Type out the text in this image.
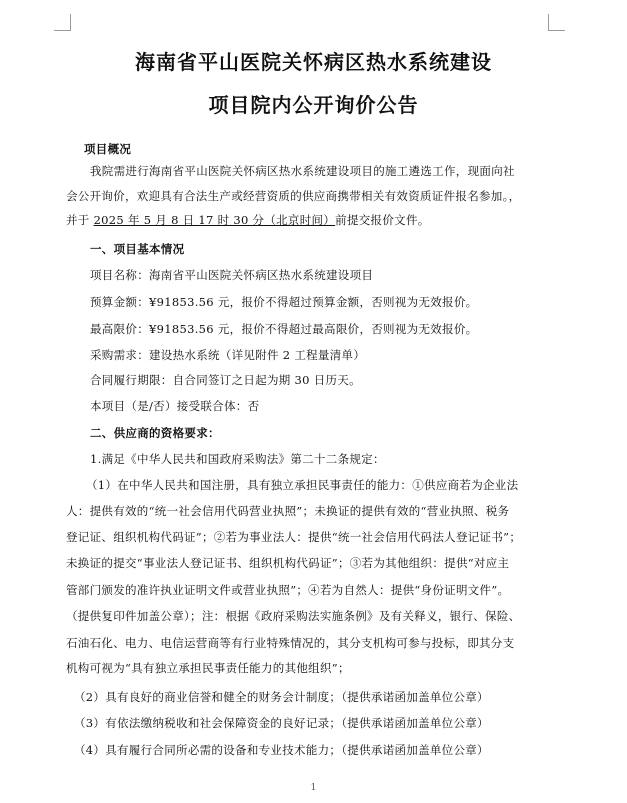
海南省平山医院关怀病区热水系统建设
项目院内公开询价公告
项目概况
我院需进行海南省平山医院关怀病区热水系统建设项目的施工遴选工作，现面向社
会公开询价，欢迎具有合法生产或经营资质的供应商携带相关有效资质证件报名参加。，
并于 2025 年 5 月 8 日 17 时 30 分（北京时间）前提交报价文件。
一、项目基本情况
项目名称：海南省平山医院关怀病区热水系统建设项目
预算金额：¥91853.56 元，报价不得超过预算金额，否则视为无效报价。
最高限价：¥91853.56 元，报价不得超过最高限价，否则视为无效报价。
采购需求：建设热水系统（详见附件 2 工程量清单）
合同履行期限：自合同签订之日起为期 30 日历天。
本项目（是/否）接受联合体：否
二、供应商的资格要求：
1.满足《中华人民共和国政府采购法》第二十二条规定：
（1）在中华人民共和国注册，具有独立承担民事责任的能力：①供应商若为企业法
人：提供有效的“统一社会信用代码营业执照”；未换证的提供有效的“营业执照、税务
登记证、组织机构代码证”；②若为事业法人：提供“统一社会信用代码法人登记证书”；
未换证的提交“事业法人登记证书、组织机构代码证”；③若为其他组织：提供“对应主
管部门颁发的准许执业证明文件或营业执照”；④若为自然人：提供“身份证明文件”。
（提供复印件加盖公章）；注：根据《政府采购法实施条例》及有关释义，银行、保险、
石油石化、电力、电信运营商等有行业特殊情况的，其分支机构可参与投标，即其分支
机构可视为“具有独立承担民事责任能力的其他组织”；
（2）具有良好的商业信誉和健全的财务会计制度；（提供承诺函加盖单位公章）
（3）有依法缴纳税收和社会保障资金的良好记录；（提供承诺函加盖单位公章）
（4）具有履行合同所必需的设备和专业技术能力；（提供承诺函加盖单位公章）
1
